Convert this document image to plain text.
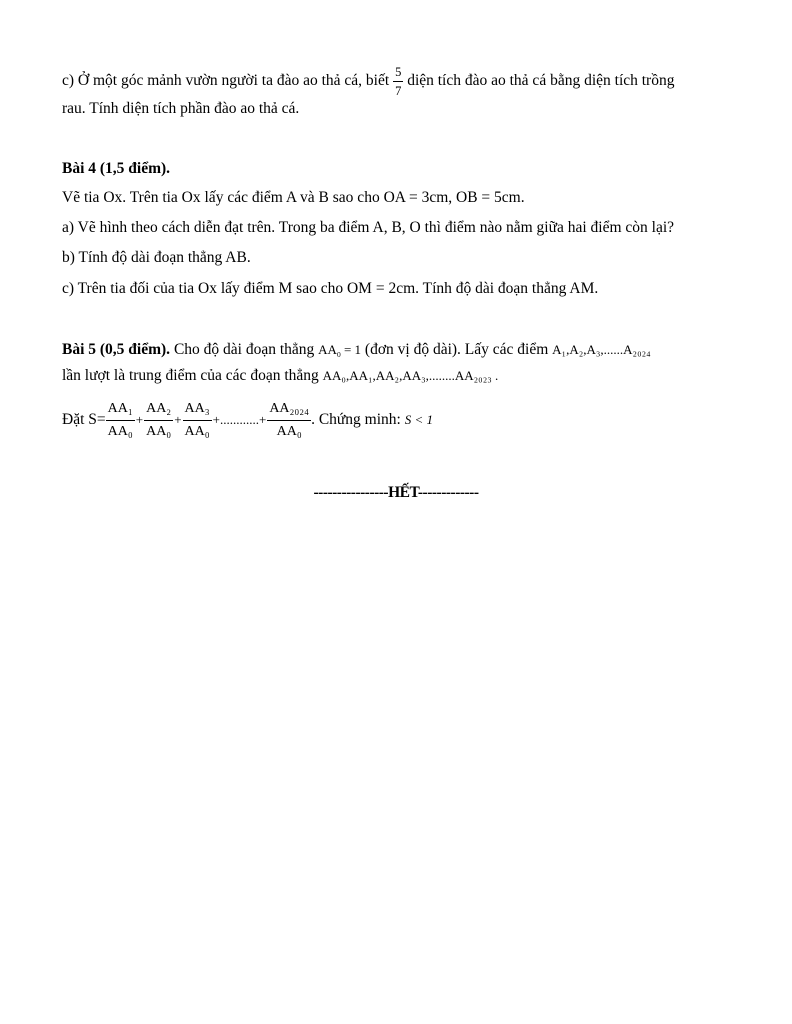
c) Ở một góc mảnh vườn người ta đào ao thả cá, biết $\frac{5}{7}$ diện tích đào ao thả cá bằng diện tích trồng
rau. Tính diện tích phần đào ao thả cá.
Bài 4 (1,5 điểm).
Vẽ tia Ox. Trên tia Ox lấy các điểm A và B sao cho OA = 3cm, OB = 5cm.
a) Vẽ hình theo cách diễn đạt trên. Trong ba điểm A, B, O thì điểm nào nằm giữa hai điểm còn lại?
b) Tính độ dài đoạn thẳng AB.
c) Trên tia đối của tia Ox lấy điểm M sao cho OM = 2cm. Tính độ dài đoạn thẳng AM.
Bài 5 (0,5 điểm). Cho độ dài đoạn thẳng $AA_0 = 1$ (đơn vị độ dài). Lấy các điểm A₁,A₂,A₃,......A₂₀₂₄
lần lượt là trung điểm của các đoạn thẳng AA₀,AA₁,AA₂,AA₃,........AA₂₀₂₃ .
Đặt $S= \frac{\text{AA₁}}{\text{AA₀}} + \frac{\text{AA₂}}{\text{AA₀}} + \frac{\text{AA₃}}{\text{AA₀}}$ +............+ $\frac{\text{AA₂₀₂₄}}{\text{AA₀}}$ . Chứng minh: S < 1
----------------HẾT-------------
